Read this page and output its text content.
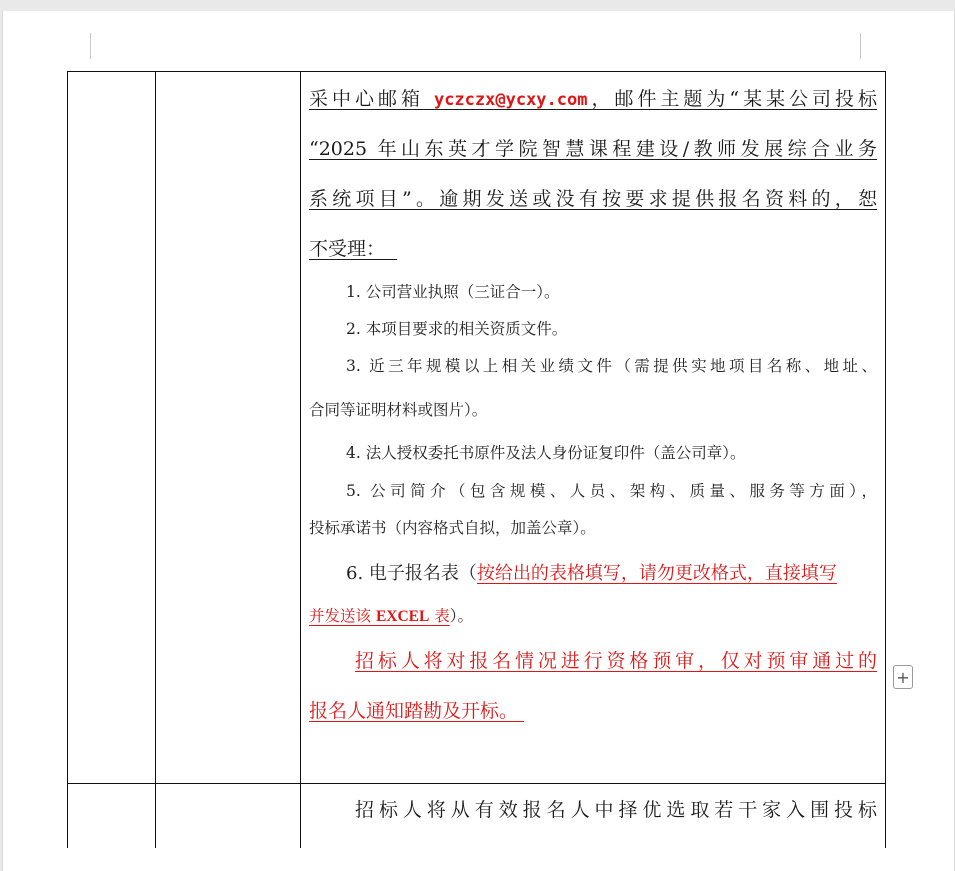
采中心邮箱 yczczx@ycxy.com，邮件主题为“某某公司投标
“2025 年山东英才学院智慧课程建设/教师发展综合业务
系统项目”。逾期发送或没有按要求提供报名资料的，恕
不受理：
1. 公司营业执照（三证合一）。
2. 本项目要求的相关资质文件。
3. 近三年规模以上相关业绩文件（需提供实地项目名称、地址、
合同等证明材料或图片）。
4. 法人授权委托书原件及法人身份证复印件（盖公司章）。
5. 公司简介（包含规模、人员、架构、质量、服务等方面），
投标承诺书（内容格式自拟，加盖公章）。
6. 电子报名表（按给出的表格填写，请勿更改格式，直接填写
并发送该 EXCEL 表）。
招标人将对报名情况进行资格预审，仅对预审通过的
报名人通知踏勘及开标。
招标人将从有效报名人中择优选取若干家入围投标
+
